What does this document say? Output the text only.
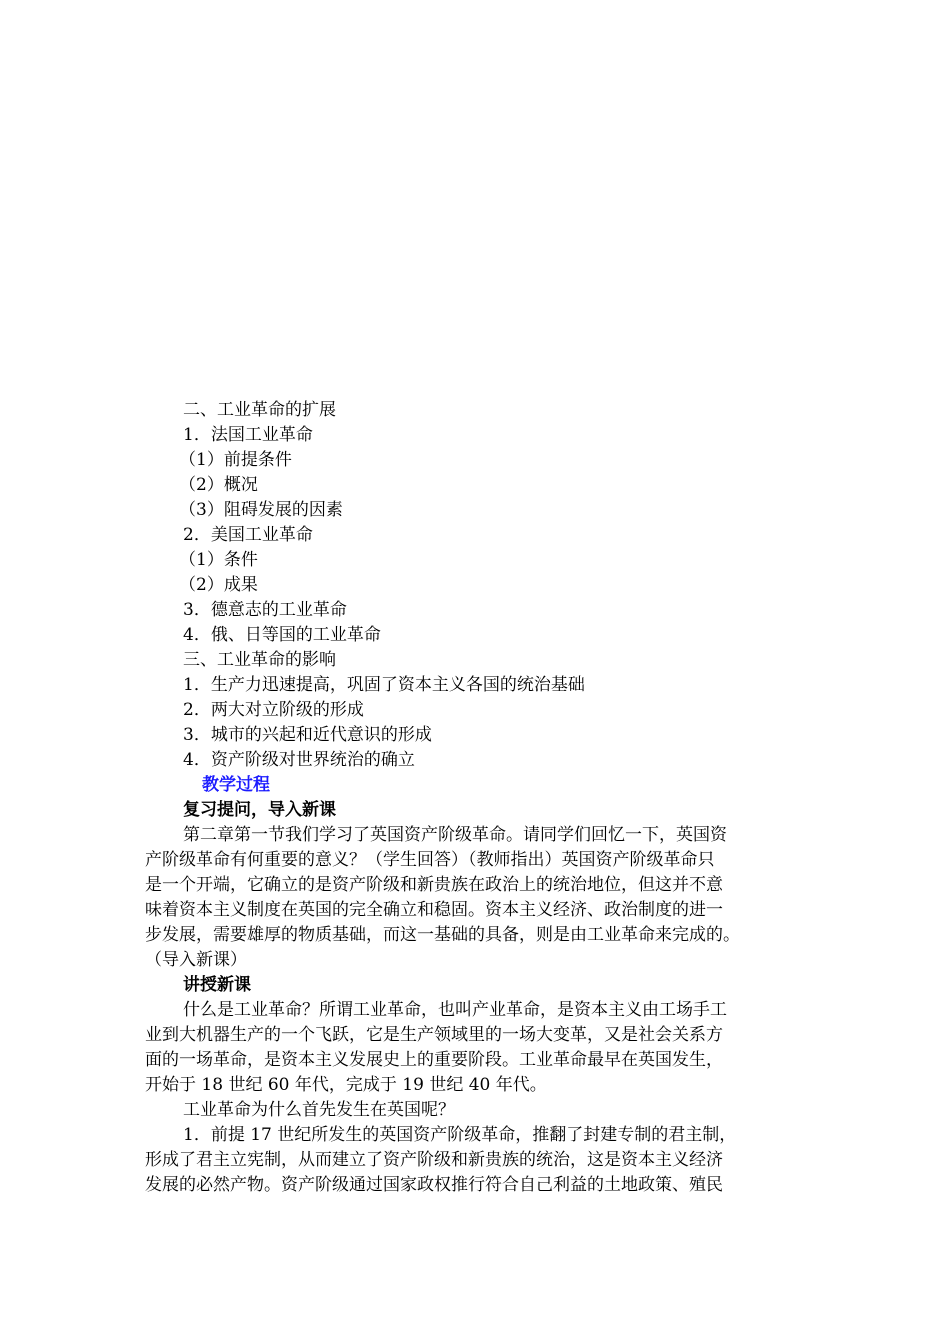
二、工业革命的扩展
1．法国工业革命
（1）前提条件
（2）概况
（3）阻碍发展的因素
2．美国工业革命
（1）条件
（2）成果
3．德意志的工业革命
4．俄、日等国的工业革命
三、工业革命的影响
1．生产力迅速提高，巩固了资本主义各国的统治基础
2．两大对立阶级的形成
3．城市的兴起和近代意识的形成
4．资产阶级对世界统治的确立
教学过程
复习提问，导入新课
第二章第一节我们学习了英国资产阶级革命。请同学们回忆一下，英国资
产阶级革命有何重要的意义？（学生回答）（教师指出）英国资产阶级革命只
是一个开端，它确立的是资产阶级和新贵族在政治上的统治地位，但这并不意
味着资本主义制度在英国的完全确立和稳固。资本主义经济、政治制度的进一
步发展，需要雄厚的物质基础，而这一基础的具备，则是由工业革命来完成的。
（导入新课）
讲授新课
什么是工业革命？所谓工业革命，也叫产业革命，是资本主义由工场手工
业到大机器生产的一个飞跃，它是生产领域里的一场大变革，又是社会关系方
面的一场革命，是资本主义发展史上的重要阶段。工业革命最早在英国发生，
开始于 18 世纪 60 年代，完成于 19 世纪 40 年代。
工业革命为什么首先发生在英国呢？
1．前提 17 世纪所发生的英国资产阶级革命，推翻了封建专制的君主制，
形成了君主立宪制，从而建立了资产阶级和新贵族的统治，这是资本主义经济
发展的必然产物。资产阶级通过国家政权推行符合自己利益的土地政策、殖民
